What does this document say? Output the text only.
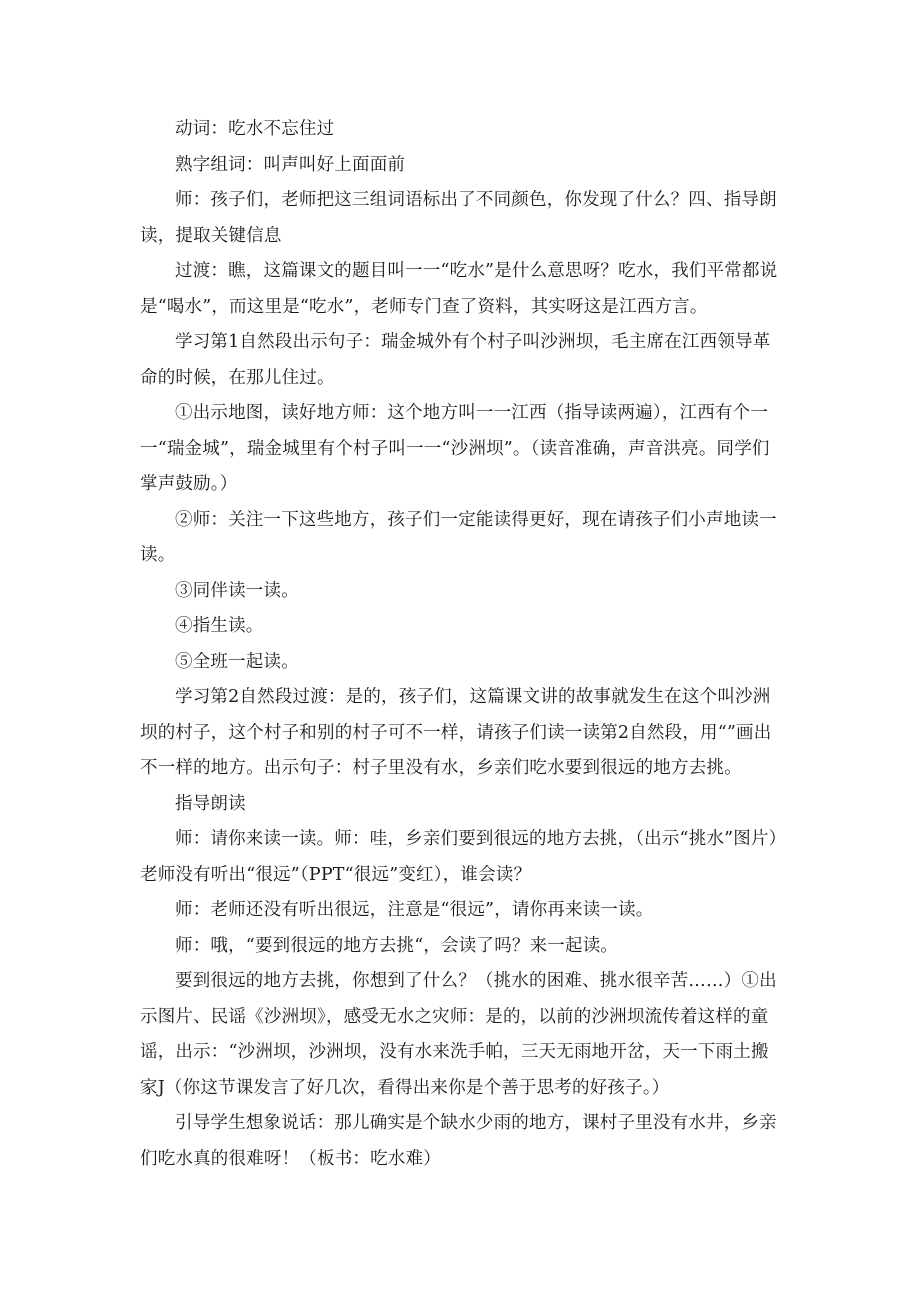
动词：吃水不忘住过

熟字组词：叫声叫好上面面前

师：孩子们，老师把这三组词语标出了不同颜色，你发现了什么？四、指导朗读，提取关键信息

过渡：瞧，这篇课文的题目叫一一“吃水”是什么意思呀？吃水，我们平常都说是“喝水”，而这里是“吃水”，老师专门查了资料，其实呀这是江西方言。

学习第1自然段出示句子：瑞金城外有个村子叫沙洲坝，毛主席在江西领导革命的时候，在那儿住过。

①出示地图，读好地方师：这个地方叫一一江西（指导读两遍），江西有个一一“瑞金城”，瑞金城里有个村子叫一一“沙洲坝”。（读音准确，声音洪亮。同学们掌声鼓励。）

②师：关注一下这些地方，孩子们一定能读得更好，现在请孩子们小声地读一读。

③同伴读一读。

④指生读。

⑤全班一起读。

学习第2自然段过渡：是的，孩子们，这篇课文讲的故事就发生在这个叫沙洲坝的村子，这个村子和别的村子可不一样，请孩子们读一读第2自然段，用“”画出不一样的地方。出示句子：村子里没有水，乡亲们吃水要到很远的地方去挑。

指导朗读

师：请你来读一读。师：哇，乡亲们要到很远的地方去挑，（出示“挑水”图片）老师没有听出“很远”（PPT“很远”变红），谁会读？

师：老师还没有听出很远，注意是“很远”，请你再来读一读。

师：哦，“要到很远的地方去挑“，会读了吗？来一起读。

要到很远的地方去挑，你想到了什么？（挑水的困难、挑水很辛苦……）①出示图片、民谣《沙洲坝》，感受无水之灾师：是的，以前的沙洲坝流传着这样的童谣，出示：“沙洲坝，沙洲坝，没有水来洗手帕，三天无雨地开岔，天一下雨土搬家J（你这节课发言了好几次，看得出来你是个善于思考的好孩子。）

引导学生想象说话：那儿确实是个缺水少雨的地方，课村子里没有水井，乡亲们吃水真的很难呀！（板书：吃水难）
